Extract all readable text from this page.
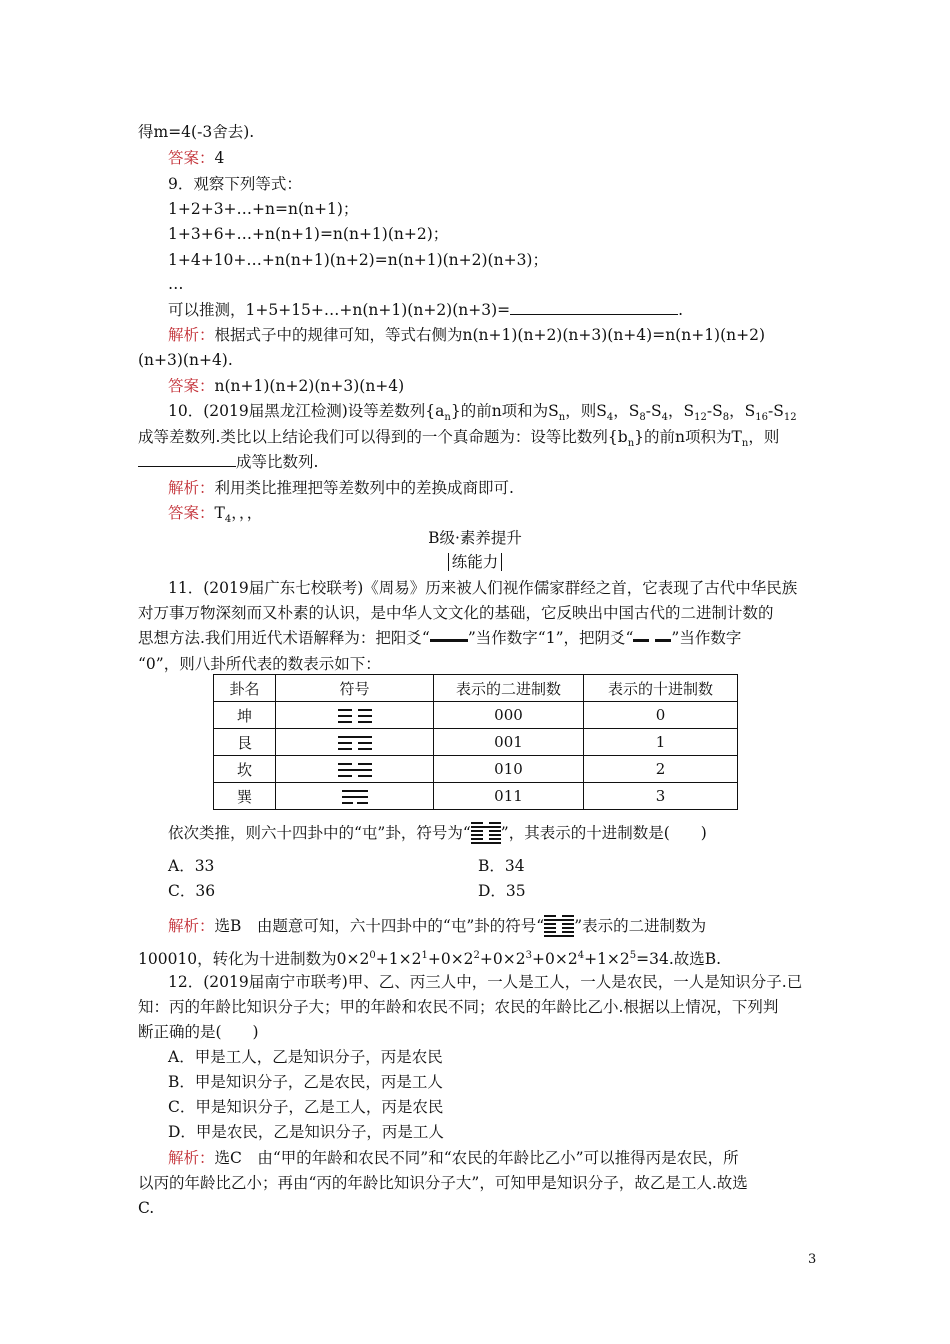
得m=4(-3舍去).
答案：4
9．观察下列等式：
1+2+3+…+n=n(n+1)；
1+3+6+…+n(n+1)=n(n+1)(n+2)；
1+4+10+…+n(n+1)(n+2)=n(n+1)(n+2)(n+3)；
…
可以推测，1+5+15+…+n(n+1)(n+2)(n+3)=	.
解析：根据式子中的规律可知，等式右侧为n(n+1)(n+2)(n+3)(n+4)=n(n+1)(n+2)
(n+3)(n+4).
答案：n(n+1)(n+2)(n+3)(n+4)
10．(2019届黑龙江检测)设等差数列$\{a_n\}$的前n项和为$S_n$，则$S_4$，$S_8-S_4$，$S_{12}-S_8$，$S_{16}-S_{12}$
成等差数列.类比以上结论我们可以得到的一个真命题为：设等比数列$\{b_n\}$的前n项积为$T_n$，则
成等比数列.
解析：利用类比推理把等差数列中的差换成商即可.
答案：$T_4$，，，
B级·素养提升
练能力
11．(2019届广东七校联考)《周易》历来被人们视作儒家群经之首，它表现了古代中华民族
对万事万物深刻而又朴素的认识，是中华人文文化的基础，它反映出中国古代的二进制计数的
思想方法.我们用近代术语解释为：把阳爻“ ”当作数字“1”，把阴爻“ ”当作数字
“0”，则八卦所代表的数表示如下：
卦名	符号	表示的二进制数	表示的十进制数
坤		000	0
艮		001	1
坎		010	2
巽		011	3
依次类推，则六十四卦中的“屯”卦，符号为“ ”，其表示的十进制数是(　　)
A．33	B．34
C．36	D．35
解析：选B　由题意可知，六十四卦中的“屯”卦的符号“ ”表示的二进制数为
100010，转化为十进制数为$0\times 2^0+1\times 2^1+0\times 2^2+0\times 2^3+0\times 2^4+1\times 2^5=34$.故选B.
12．(2019届南宁市联考)甲、乙、丙三人中，一人是工人，一人是农民，一人是知识分子.已
知：丙的年龄比知识分子大；甲的年龄和农民不同；农民的年龄比乙小.根据以上情况，下列判
断正确的是(　　)
A．甲是工人，乙是知识分子，丙是农民
B．甲是知识分子，乙是农民，丙是工人
C．甲是知识分子，乙是工人，丙是农民
D．甲是农民，乙是知识分子，丙是工人
解析：选C　由“甲的年龄和农民不同”和“农民的年龄比乙小”可以推得丙是农民，所
以丙的年龄比乙小；再由“丙的年龄比知识分子大”，可知甲是知识分子，故乙是工人.故选
C.
3
